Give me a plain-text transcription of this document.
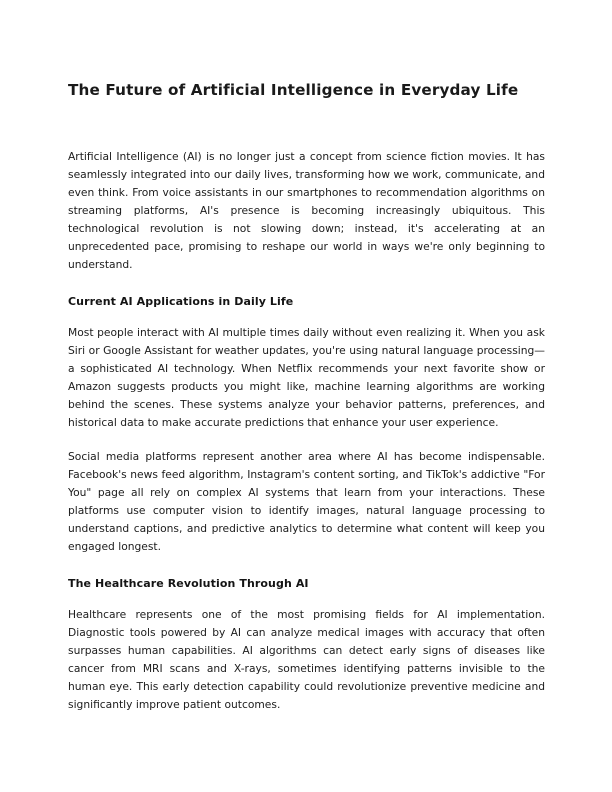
The Future of Artificial Intelligence in Everyday Life

Artificial Intelligence (AI) is no longer just a concept from science fiction movies. It has seamlessly integrated into our daily lives, transforming how we work, communicate, and even think. From voice assistants in our smartphones to recommendation algorithms on streaming platforms, AI's presence is becoming increasingly ubiquitous. This technological revolution is not slowing down; instead, it's accelerating at an unprecedented pace, promising to reshape our world in ways we're only beginning to understand.

Current AI Applications in Daily Life

Most people interact with AI multiple times daily without even realizing it. When you ask Siri or Google Assistant for weather updates, you're using natural language processing—a sophisticated AI technology. When Netflix recommends your next favorite show or Amazon suggests products you might like, machine learning algorithms are working behind the scenes. These systems analyze your behavior patterns, preferences, and historical data to make accurate predictions that enhance your user experience.

Social media platforms represent another area where AI has become indispensable. Facebook's news feed algorithm, Instagram's content sorting, and TikTok's addictive "For You" page all rely on complex AI systems that learn from your interactions. These platforms use computer vision to identify images, natural language processing to understand captions, and predictive analytics to determine what content will keep you engaged longest.

The Healthcare Revolution Through AI

Healthcare represents one of the most promising fields for AI implementation. Diagnostic tools powered by AI can analyze medical images with accuracy that often surpasses human capabilities. AI algorithms can detect early signs of diseases like cancer from MRI scans and X-rays, sometimes identifying patterns invisible to the human eye. This early detection capability could revolutionize preventive medicine and significantly improve patient outcomes.
